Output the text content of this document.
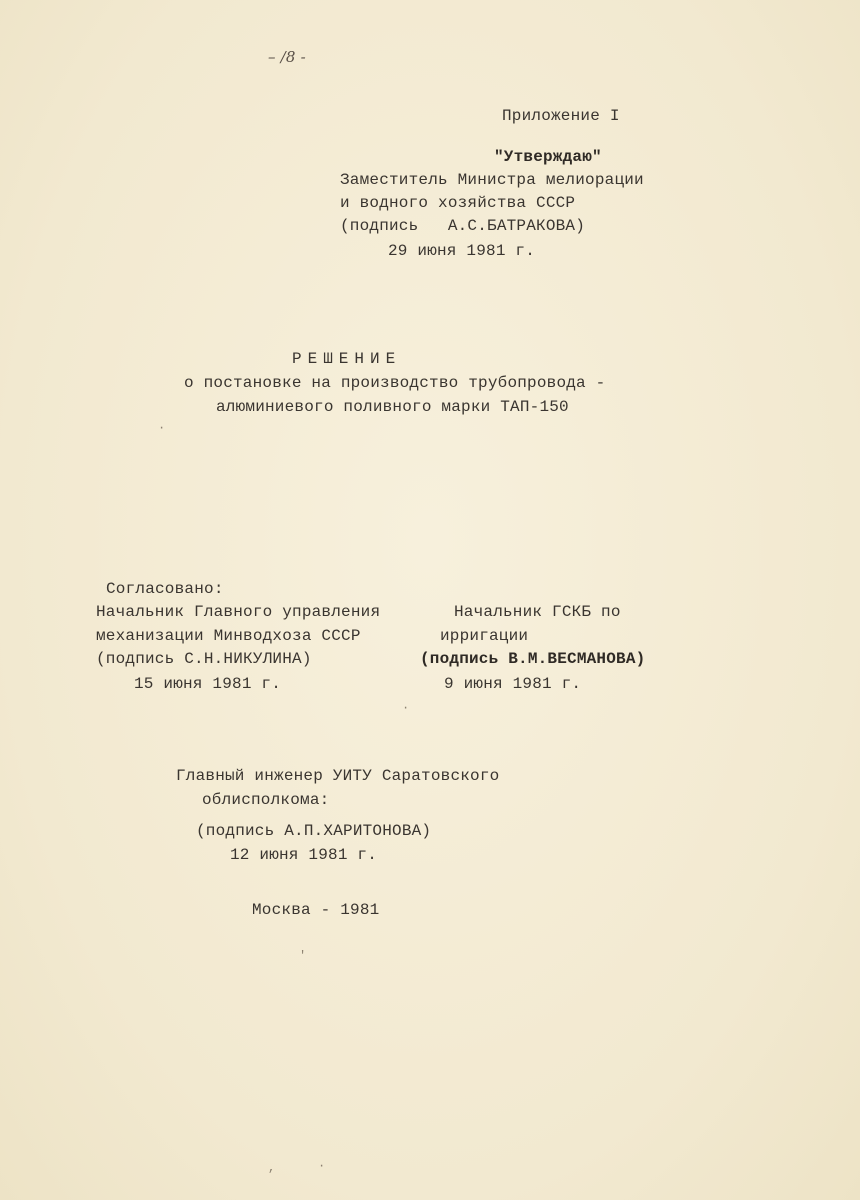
– /8 -
Приложение I
"Утверждаю"
Заместитель Министра мелиорации
и водного хозяйства СССР
(подпись   А.С.БАТРАКОВА)
29 июня 1981 г.
РЕШЕНИЕ
о постановке на производство трубопровода -
алюминиевого поливного марки ТАП-150
Согласовано:
Начальник Главного управления
механизации Минводхоза СССР
(подпись С.Н.НИКУЛИНА)
15 июня 1981 г.
Начальник ГСКБ по
ирригации
(подпись В.М.ВЕСМАНОВА)
9 июня 1981 г.
Главный инженер УИТУ Саратовского
облисполкома:
(подпись А.П.ХАРИТОНОВА)
12 июня 1981 г.
Москва - 1981
'
,	·
·
·
